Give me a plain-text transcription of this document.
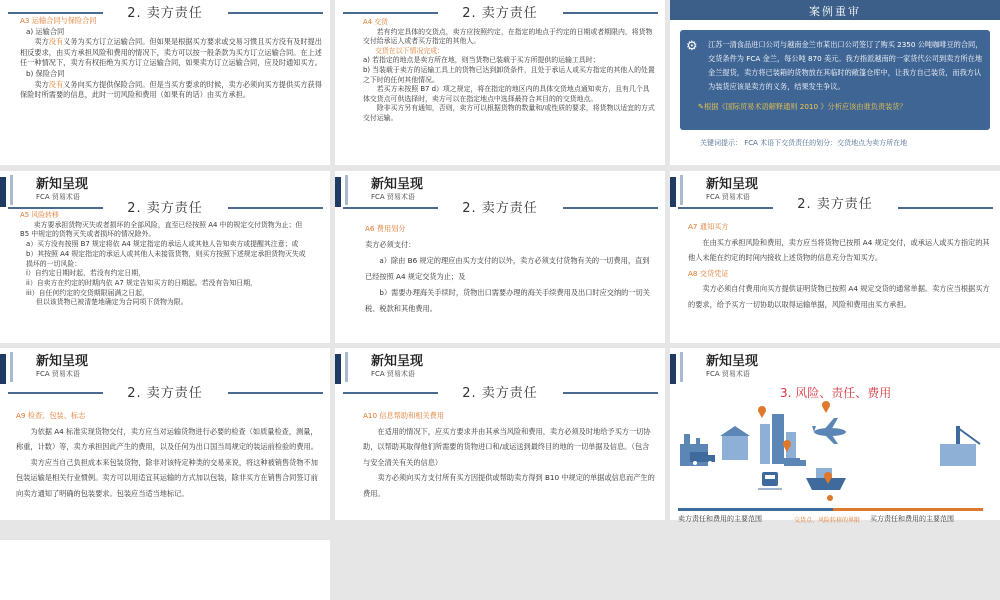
2. 卖方责任
A3 运输合同与保险合同
a) 运输合同
卖方没有义务为买方订立运输合同。但如果是根据买方要求或交易习惯且买方没有及时提出相反要求，由买方承担风险和费用的情况下，卖方可以按一般条款为买方订立运输合同。在上述任一种情况下，卖方有权拒绝为买方订立运输合同，如果卖方订立运输合同，应及时通知买方。
b) 保险合同
卖方没有义务向买方提供保险合同。但是当买方要求的时候，卖方必须向买方提供买方获得保险时所需要的信息，此时一切风险和费用（如果有的话）由买方承担。
2. 卖方责任
A4 交货
若有约定具体的交货点，卖方应按照约定，在指定的地点于约定的日期或者期限内，将货物交付给承运人或者买方指定的其他人。
交货在以下情况完成：
a) 若指定的地点是卖方所在地，则当货物已装载于买方所提供的运输工具时；
b) 当装载于卖方的运输工具上的货物已达到卸货条件，且处于承运人或买方指定的其他人的处置之下时的任何其他情况。
若买方未按照 B7 d）项之规定，将在指定的地区内的具体交货地点通知卖方，且有几个具体交货点可供选择时，卖方可以在指定地点中选择最符合其目的的交货地点。
除非买方另有通知，否则，卖方可以根据货物的数量和/或性质的要求，将货物以适宜的方式交付运输。
案例重审
⚙	江苏一清食品进口公司与越南金兰市某出口公司签订了购买 2350 公吨咖啡豆的合同，交货条件为 FCA 金兰，每公吨 870 美元。我方指派越南的一家货代公司到卖方所在地金兰提货，卖方将已装箱的货物放在其临时的敞篷仓库中，让我方自己装货，而我方认为装货应该是卖方的义务，结果发生争议。
✎根据《国际贸易术语解释通则 2010 》分析应该由谁负责装货？
关键词提示： FCA 术语下交货责任的划分：交货地点为卖方所在地
新知呈现
FCA 贸易术语
2. 卖方责任
A5 风险转移
卖方要承担货物灭失或者损坏的全部风险，直至已经按照 A4 中的规定交付货物为止；但 B5 中规定的货物灭失或者损坏的情况除外。
a）买方没有按照 B7 规定将依 A4 规定指定的承运人或其他人告知卖方或提醒其注意；或
b）其按照 A4 规定指定的承运人或其他人未接管货物，则买方按照下述规定承担货物灭失或损坏的一切风险：
i）自约定日期时起，若没有约定日期，
ii）自卖方在约定的时期内依 A7 规定告知买方的日期起。若没有告知日期，
iii）自任何约定的交货期限届满之日起，
但以该货物已被清楚地确定为合同项下货物为限。
新知呈现
FCA 贸易术语
2. 卖方责任
A6 费用划分
卖方必须支付：
a）除由 B6 规定的理应由买方支付的以外，卖方必须支付货物有关的一切费用，直到已经按照 A4 规定交货为止；及
b）需要办理海关手续时，货物出口需要办理的海关手续费用及出口时应交纳的一切关税、税款和其他费用。
新知呈现
FCA 贸易术语	2. 卖方责任
A7 通知买方
在由买方承担风险和费用，卖方应当将货物已按照 A4 规定交付，或承运人或买方指定的其他人未能在约定的时间内接收上述货物的信息充分告知买方。
A8 交货凭证
卖方必须自付费用向买方提供证明货物已按照 A4 规定交货的通常单据。卖方应当根据买方的要求，给予买方一切协助以取得运输单据，风险和费用由买方承担。
新知呈现
FCA 贸易术语
2. 卖方责任
A9 检查、包装、标志
为依据 A4 标准实现货物交付，卖方应当对运输货物进行必要的检查（如质量检查，测量，称重，计数）等，卖方承担因此产生的费用，以及任何为出口国当局规定的装运前检验的费用。
卖方应当自己负担成本来包装货物，除非对该特定种类的交易来说，将这种被销售货物不加包装运输是相关行业惯例。卖方可以用适宜其运输的方式加以包装，除非买方在销售合同签订前向卖方通知了明确的包装要求。包装应当适当地标记。
新知呈现
FCA 贸易术语
2. 卖方责任
A10 信息帮助和相关费用
在适用的情况下，应买方要求并由其承当风险和费用，卖方必须及时地给予买方一切协助，以帮助其取得他们所需要的货物进口和/或运送到最终目的地的一切单据及信息。（包含与安全清关有关的信息）
卖方必须向买方支付所有买方因提供或帮助卖方得到 B10 中规定的单据或信息而产生的费用。
新知呈现
FCA 贸易术语
3. 风险、责任、费用
卖方责任和费用的主要范围	交货点、风险转移的界限 买方责任和费用的主要范围
